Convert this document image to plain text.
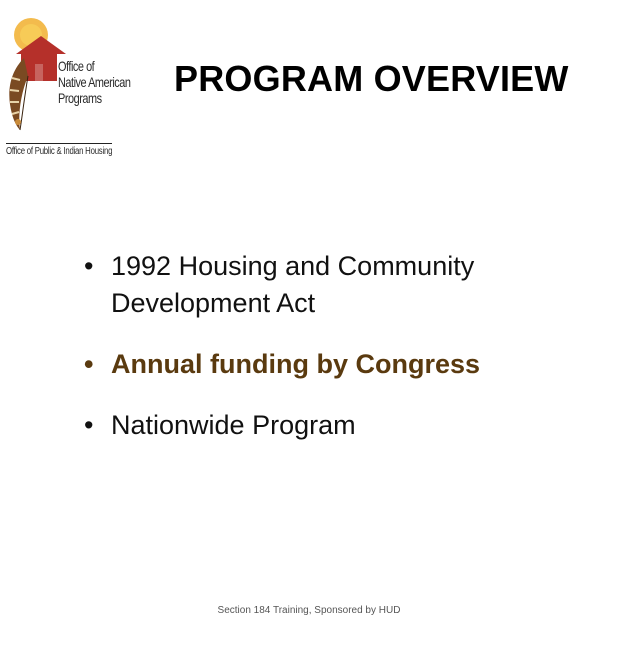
Office of
Native American
Programs
Office of Public & Indian Housing
PROGRAM OVERVIEW
• 1992 Housing and Community Development Act
• Annual funding by Congress
• Nationwide Program
Section 184 Training, Sponsored by HUD
